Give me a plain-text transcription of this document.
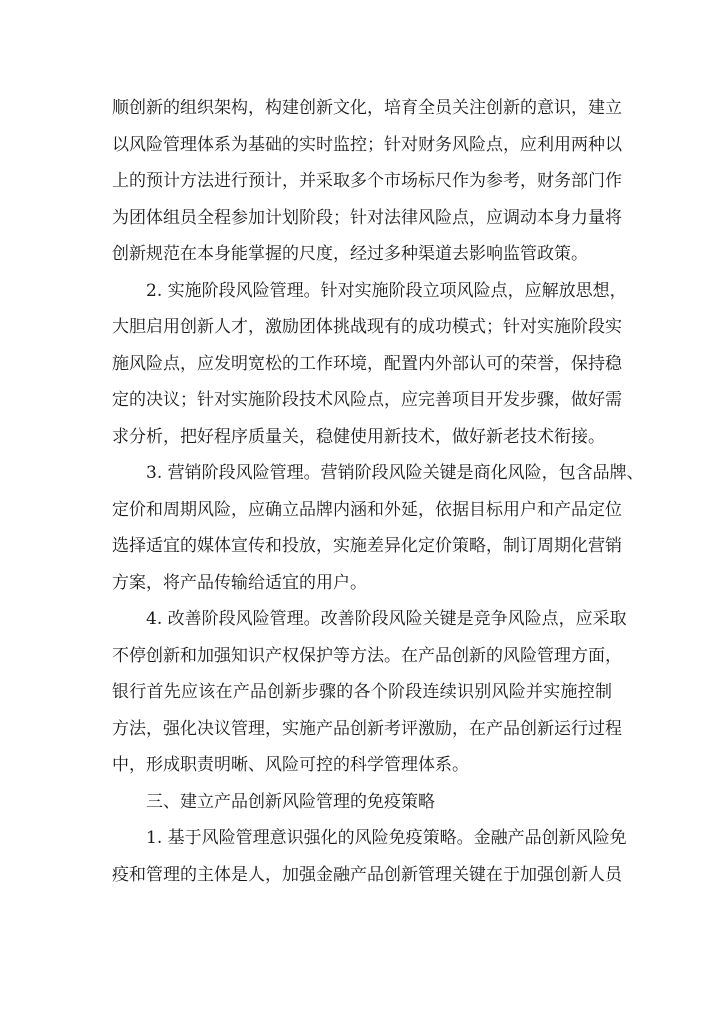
顺创新的组织架构，构建创新文化，培育全员关注创新的意识，建立
以风险管理体系为基础的实时监控；针对财务风险点，应利用两种以
上的预计方法进行预计，并采取多个市场标尺作为参考，财务部门作
为团体组员全程参加计划阶段；针对法律风险点，应调动本身力量将
创新规范在本身能掌握的尺度，经过多种渠道去影响监管政策。
2. 实施阶段风险管理。针对实施阶段立项风险点，应解放思想，
大胆启用创新人才，激励团体挑战现有的成功模式；针对实施阶段实
施风险点，应发明宽松的工作环境，配置内外部认可的荣誉，保持稳
定的决议；针对实施阶段技术风险点，应完善项目开发步骤，做好需
求分析，把好程序质量关，稳健使用新技术，做好新老技术衔接。
3. 营销阶段风险管理。营销阶段风险关键是商化风险，包含品牌、
定价和周期风险，应确立品牌内涵和外延，依据目标用户和产品定位
选择适宜的媒体宣传和投放，实施差异化定价策略，制订周期化营销
方案，将产品传输给适宜的用户。
4. 改善阶段风险管理。改善阶段风险关键是竞争风险点，应采取
不停创新和加强知识产权保护等方法。在产品创新的风险管理方面，
银行首先应该在产品创新步骤的各个阶段连续识别风险并实施控制
方法，强化决议管理，实施产品创新考评激励，在产品创新运行过程
中，形成职责明晰、风险可控的科学管理体系。
三、建立产品创新风险管理的免疫策略
1. 基于风险管理意识强化的风险免疫策略。金融产品创新风险免
疫和管理的主体是人，加强金融产品创新管理关键在于加强创新人员
